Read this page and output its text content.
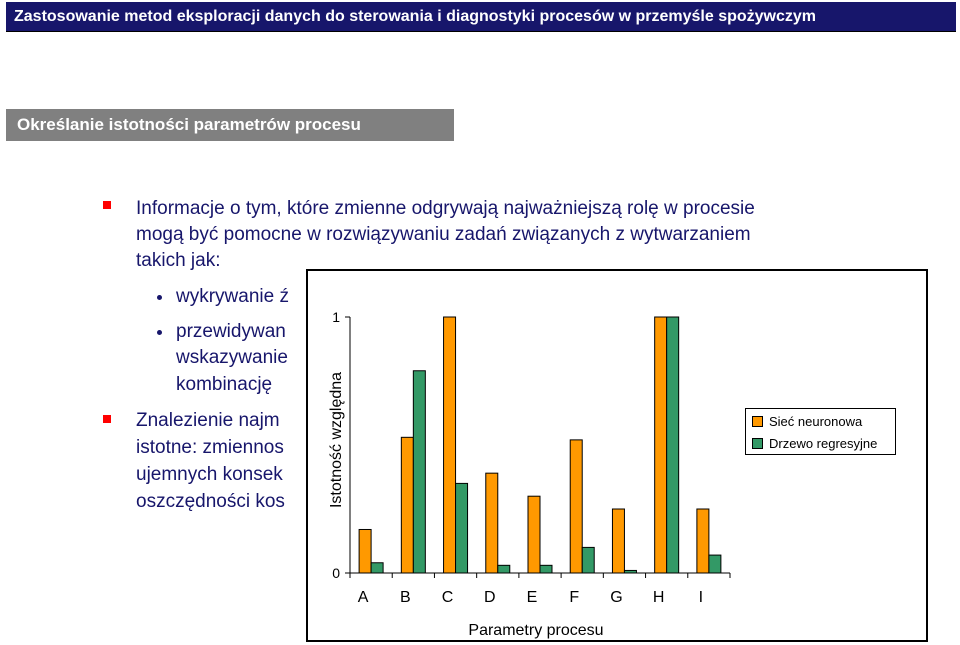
Zastosowanie metod eksploracji danych do sterowania i diagnostyki procesów w przemyśle spożywczym
Określanie istotności parametrów procesu
Informacje o tym, które zmienne odgrywają najważniejszą rolę w procesie
mogą być pomocne w rozwiązywaniu zadań związanych z wytwarzaniem
takich jak:
wykrywanie ź
przewidywan
wskazywanie
kombinację
Znalezienie najm
istotne: zmiennos
ujemnych konsek
oszczędności kos
0
1
A B C D E F G H I
Parametry procesu
Istotność względna	Sieć neuronowa
Drzewo regresyjne
